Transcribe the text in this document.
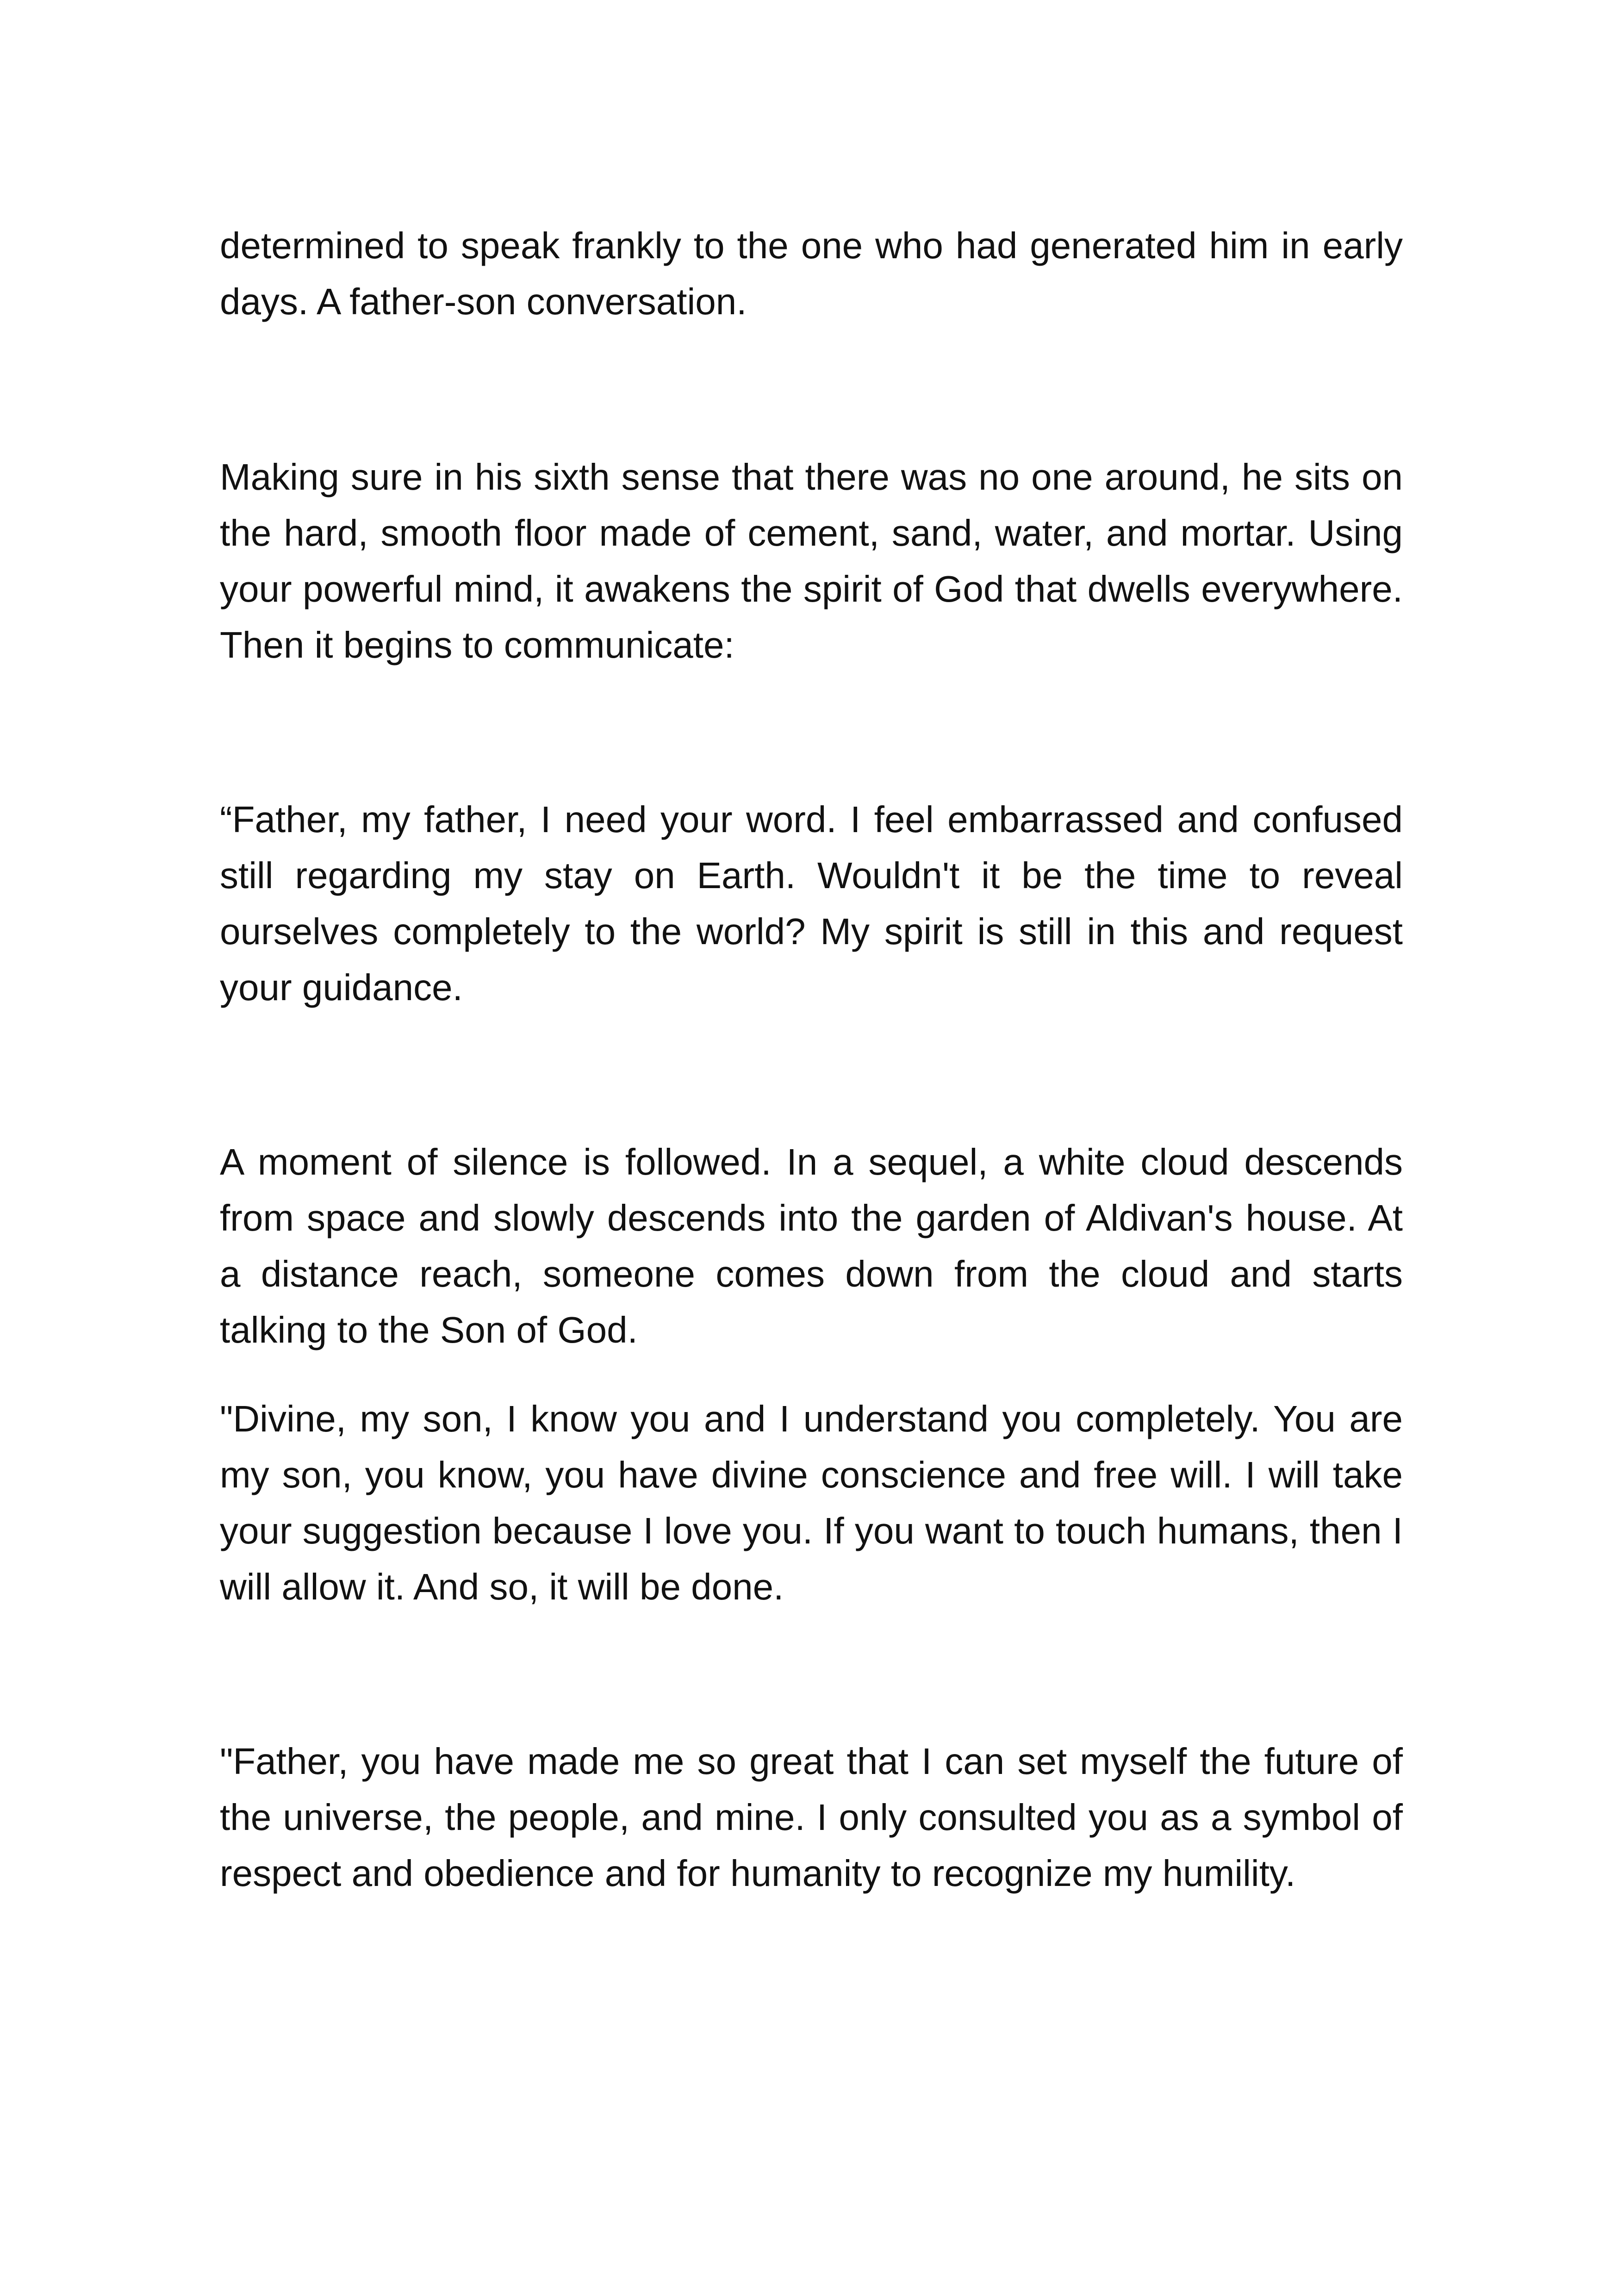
determined to speak frankly to the one who had generated him in early days. A father-son conversation.

Making sure in his sixth sense that there was no one around, he sits on the hard, smooth floor made of cement, sand, water, and mortar. Using your powerful mind, it awakens the spirit of God that dwells everywhere. Then it begins to communicate:

“Father, my father, I need your word. I feel embarrassed and confused still regarding my stay on Earth. Wouldn't it be the time to reveal ourselves completely to the world? My spirit is still in this and request your guidance.

A moment of silence is followed. In a sequel, a white cloud descends from space and slowly descends into the garden of Aldivan's house. At a distance reach, someone comes down from the cloud and starts talking to the Son of God.

"Divine, my son, I know you and I understand you completely. You are my son, you know, you have divine conscience and free will. I will take your suggestion because I love you. If you want to touch humans, then I will allow it. And so, it will be done.

"Father, you have made me so great that I can set myself the future of the universe, the people, and mine. I only consulted you as a symbol of respect and obedience and for humanity to recognize my humility.
